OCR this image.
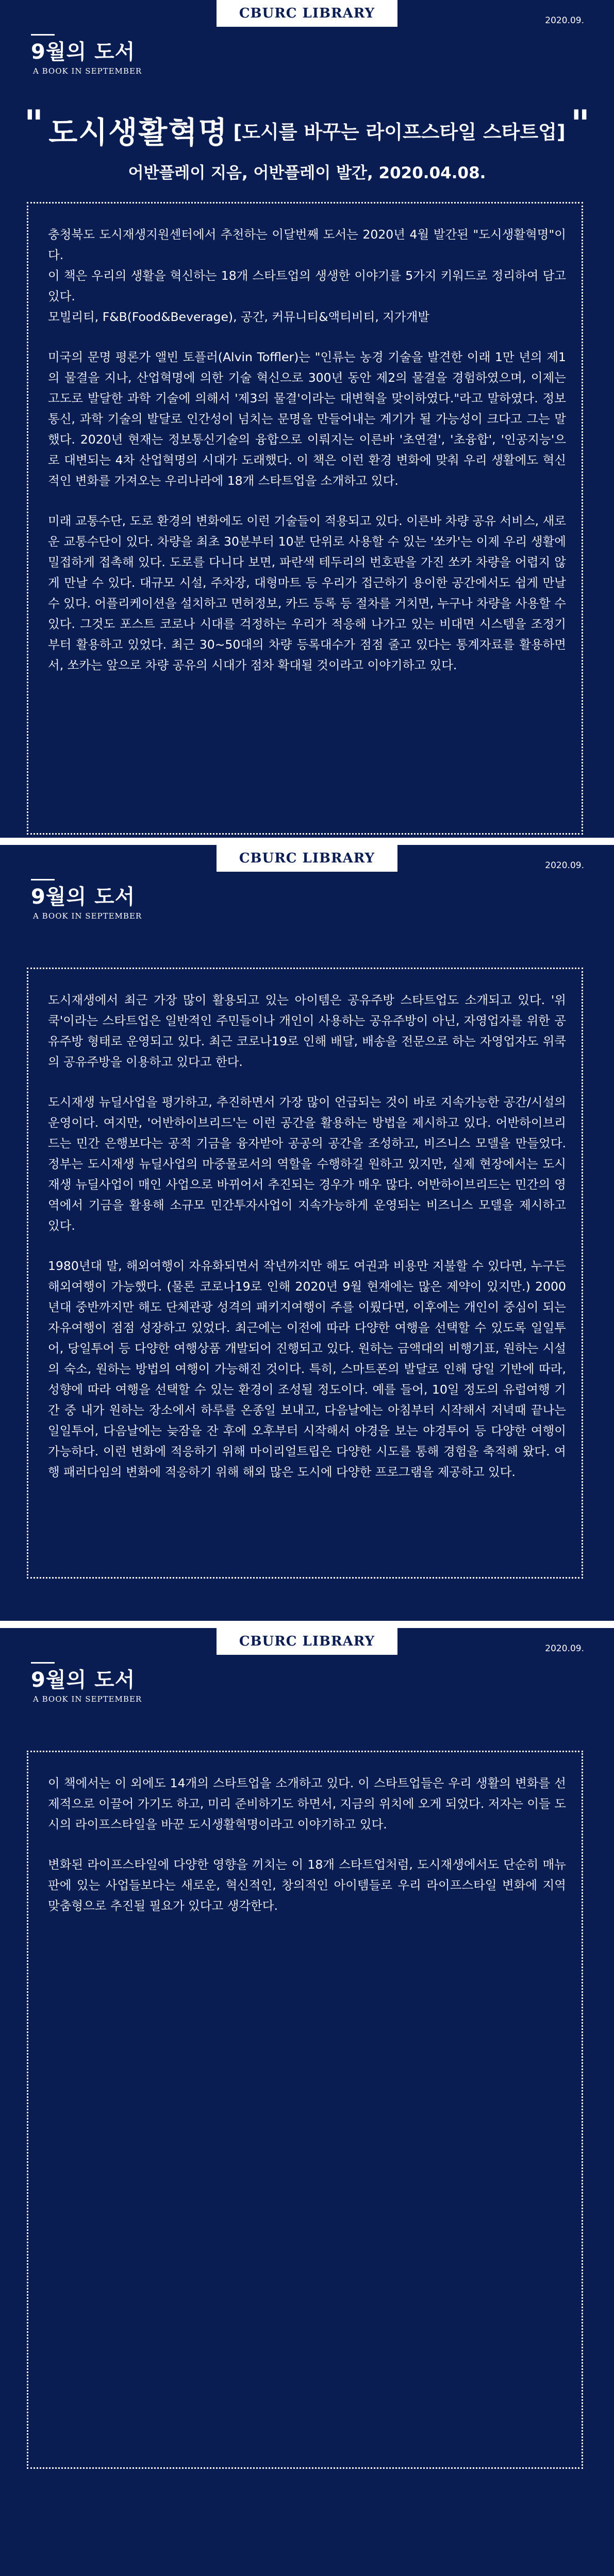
CBURC LIBRARY	2020.09.
9월의 도서
A BOOK IN SEPTEMBER
" 도시생활혁명 [도시를 바꾸는 라이프스타일 스타트업] "
어반플레이 지음, 어반플레이 발간, 2020.04.08.

충청북도 도시재생지원센터에서 추천하는 이달번째 도서는 2020년 4월 발간된 "도시생활혁명"이다.
이 책은 우리의 생활을 혁신하는 18개 스타트업의 생생한 이야기를 5가지 키워드로 정리하여 담고 있다.
모빌리티, F&B(Food&Beverage), 공간, 커뮤니티&액티비티, 지가개발

미국의 문명 평론가 앨빈 토플러(Alvin Toffler)는 "인류는 농경 기술을 발견한 이래 1만 년의 제1의 물결을 지나, 산업혁명에 의한 기술 혁신으로 300년 동안 제2의 물결을 경험하였으며, 이제는 고도로 발달한 과학 기술에 의해서 '제3의 물결'이라는 대변혁을 맞이하였다."라고 말하였다. 정보통신, 과학 기술의 발달로 인간성이 넘치는 문명을 만들어내는 계기가 될 가능성이 크다고 그는 말했다. 2020년 현재는 정보통신기술의 융합으로 이뤄지는 이른바 '초연결', '초융합', '인공지능'으로 대변되는 4차 산업혁명의 시대가 도래했다. 이 책은 이런 환경 변화에 맞춰 우리 생활에도 혁신적인 변화를 가져오는 우리나라에 18개 스타트업을 소개하고 있다.

미래 교통수단, 도로 환경의 변화에도 이런 기술들이 적용되고 있다. 이른바 차량 공유 서비스, 새로운 교통수단이 있다. 차량을 최초 30분부터 10분 단위로 사용할 수 있는 '쏘카'는 이제 우리 생활에 밀접하게 접촉해 있다. 도로를 다니다 보면, 파란색 테두리의 번호판을 가진 쏘카 차량을 어렵지 않게 만날 수 있다. 대규모 시설, 주차장, 대형마트 등 우리가 접근하기 용이한 공간에서도 쉽게 만날 수 있다. 어플리케이션을 설치하고 면허정보, 카드 등록 등 절차를 거치면, 누구나 차량을 사용할 수 있다. 그것도 포스트 코로나 시대를 걱정하는 우리가 적응해 나가고 있는 비대면 시스템을 조정기부터 활용하고 있었다. 최근 30~50대의 차량 등록대수가 점점 줄고 있다는 통계자료를 활용하면서, 쏘카는 앞으로 차량 공유의 시대가 점차 확대될 것이라고 이야기하고 있다.

CBURC LIBRARY	2020.09.
9월의 도서
A BOOK IN SEPTEMBER

도시재생에서 최근 가장 많이 활용되고 있는 아이템은 공유주방 스타트업도 소개되고 있다. '위쿡'이라는 스타트업은 일반적인 주민들이나 개인이 사용하는 공유주방이 아닌, 자영업자를 위한 공유주방 형태로 운영되고 있다. 최근 코로나19로 인해 배달, 배송을 전문으로 하는 자영업자도 위쿡의 공유주방을 이용하고 있다고 한다.

도시재생 뉴딜사업을 평가하고, 추진하면서 가장 많이 언급되는 것이 바로 지속가능한 공간/시설의 운영이다. 여지만, '어반하이브리드'는 이런 공간을 활용하는 방법을 제시하고 있다. 어반하이브리드는 민간 은행보다는 공적 기금을 융자받아 공공의 공간을 조성하고, 비즈니스 모델을 만들었다. 정부는 도시재생 뉴딜사업의 마중물로서의 역할을 수행하길 원하고 있지만, 실제 현장에서는 도시재생 뉴딜사업이 매인 사업으로 바뀌어서 추진되는 경우가 매우 많다. 어반하이브리드는 민간의 영역에서 기금을 활용해 소규모 민간투자사업이 지속가능하게 운영되는 비즈니스 모델을 제시하고 있다.

1980년대 말, 해외여행이 자유화되면서 작년까지만 해도 여권과 비용만 지불할 수 있다면, 누구든 해외여행이 가능했다. (물론 코로나19로 인해 2020년 9월 현재에는 많은 제약이 있지만.) 2000년대 중반까지만 해도 단체관광 성격의 패키지여행이 주를 이뤘다면, 이후에는 개인이 중심이 되는 자유여행이 점점 성장하고 있었다. 최근에는 이전에 따라 다양한 여행을 선택할 수 있도록 일일투어, 당일투어 등 다양한 여행상품 개발되어 진행되고 있다. 원하는 금액대의 비행기표, 원하는 시설의 숙소, 원하는 방법의 여행이 가능해진 것이다. 특히, 스마트폰의 발달로 인해 당일 기반에 따라, 성향에 따라 여행을 선택할 수 있는 환경이 조성될 정도이다. 예를 들어, 10일 정도의 유럽여행 기간 중 내가 원하는 장소에서 하루를 온종일 보내고, 다음날에는 아침부터 시작해서 저녁때 끝나는 일일투어, 다음날에는 늦잠을 잔 후에 오후부터 시작해서 야경을 보는 야경투어 등 다양한 여행이 가능하다. 이런 변화에 적응하기 위해 마이리얼트립은 다양한 시도를 통해 경험을 축적해 왔다. 여행 패러다임의 변화에 적응하기 위해 해외 많은 도시에 다양한 프로그램을 제공하고 있다.

CBURC LIBRARY	2020.09.
9월의 도서
A BOOK IN SEPTEMBER

이 책에서는 이 외에도 14개의 스타트업을 소개하고 있다. 이 스타트업들은 우리 생활의 변화를 선제적으로 이끌어 가기도 하고, 미리 준비하기도 하면서, 지금의 위치에 오게 되었다. 저자는 이들 도시의 라이프스타일을 바꾼 도시생활혁명이라고 이야기하고 있다.

변화된 라이프스타일에 다양한 영향을 끼치는 이 18개 스타트업처럼, 도시재생에서도 단순히 매뉴판에 있는 사업들보다는 새로운, 혁신적인, 창의적인 아이템들로 우리 라이프스타일 변화에 지역 맞춤형으로 추진될 필요가 있다고 생각한다.
